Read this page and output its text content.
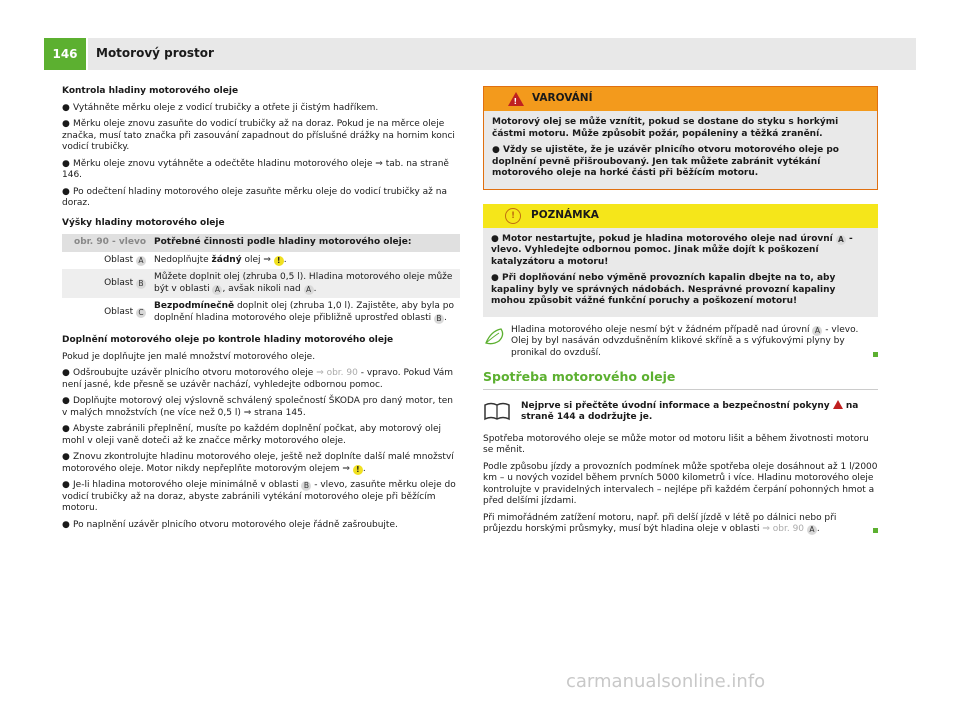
146	Motorový prostor

Kontrola hladiny motorového oleje

● Vytáhněte měrku oleje z vodicí trubičky a otřete ji čistým hadříkem.

● Měrku oleje znovu zasuňte do vodicí trubičky až na doraz. Pokud je na měrce oleje značka, musí tato značka při zasouvání zapadnout do příslušné drážky na hornim konci vodicí trubičky.

● Měrku oleje znovu vytáhněte a odečtěte hladinu motorového oleje ⇒ tab. na straně 146.

● Po odečtení hladiny motorového oleje zasuňte měrku oleje do vodicí trubičky až na doraz.

Výšky hladiny motorového oleje

obr. 90 - vlevo	Potřebné činnosti podle hladiny motorového oleje:
Oblast A	Nedoplňujte žádný olej ⇒ ! .
Oblast B	Můžete doplnit olej (zhruba 0,5 l). Hladina motorového oleje může být v oblasti A , avšak nikoli nad A .
Oblast C	Bezpodmínečně doplnit olej (zhruba 1,0 l). Zajistěte, aby byla po doplnění hladina motorového oleje přibližně uprostřed oblasti B .

Doplnění motorového oleje po kontrole hladiny motorového oleje

Pokud je doplňujte jen malé množství motorového oleje.

● Odšroubujte uzávěr plnicího otvoru motorového oleje ⇒ obr. 90 - vpravo. Pokud Vám není jasné, kde přesně se uzávěr nachází, vyhledejte odbornou pomoc.

● Doplňujte motorový olej výslovně schválený společností ŠKODA pro daný motor, ten v malých množstvích (ne více než 0,5 l) ⇒ strana 145.

● Abyste zabránili přeplnění, musíte po každém doplnění počkat, aby motorový olej mohl v oleji vaně doteči až ke značce měrky motorového oleje.

● Znovu zkontrolujte hladinu motorového oleje, ještě než doplníte další malé množství motorového oleje. Motor nikdy nepřeplňte motorovým olejem ⇒ ! .

● Je-li hladina motorového oleje minimálně v oblasti B - vlevo, zasuňte měrku oleje do vodicí trubičky až na doraz, abyste zabránili vytékání motorového oleje při běžícím motoru.

● Po naplnění uzávěr plnicího otvoru motorového oleje řádně zašroubujte.

! VAROVÁNÍ

Motorový olej se může vznítit, pokud se dostane do styku s horkými částmi motoru. Může způsobit požár, popáleniny a těžká zranění.

● Vždy se ujistěte, že je uzávěr plnicího otvoru motorového oleje po doplnění pevně přišroubovaný. Jen tak můžete zabránit vytékání motorového oleje na horké části při běžícím motoru.

!	POZNÁMKA

● Motor nestartujte, pokud je hladina motorového oleje nad úrovní A - vlevo. Vyhledejte odbornou pomoc. Jinak může dojít k poškození katalyzátoru a motoru!

● Při doplňování nebo výměně provozních kapalin dbejte na to, aby kapaliny byly ve správných nádobách. Nesprávné provozní kapaliny mohou způsobit vážné funkční poruchy a poškození motoru!

Hladina motorového oleje nesmí být v žádném případě nad úrovní A - vlevo. Olej by byl nasáván odvzdušněním klikové skříně a s výfukovými plyny by pronikal do ovzduší.

Spotřeba motorového oleje

Nejprve si přečtěte úvodní informace a bezpečnostní pokyny  na straně 144 a dodržujte je.

Spotřeba motorového oleje se může motor od motoru lišit a během životnosti motoru se měnit.

Podle způsobu jízdy a provozních podmínek může spotřeba oleje dosáhnout až 1 l/2000 km – u nových vozidel během prvních 5000 kilometrů i více. Hladinu motorového oleje kontrolujte v pravidelných intervalech – nejlépe při každém čerpání pohonných hmot a před delšími jízdami.

Při mimořádném zatížení motoru, např. při delší jízdě v létě po dálnici nebo při průjezdu horskými průsmyky, musí být hladina oleje v oblasti ⇒ obr. 90 A .

carmanualsonline.info
